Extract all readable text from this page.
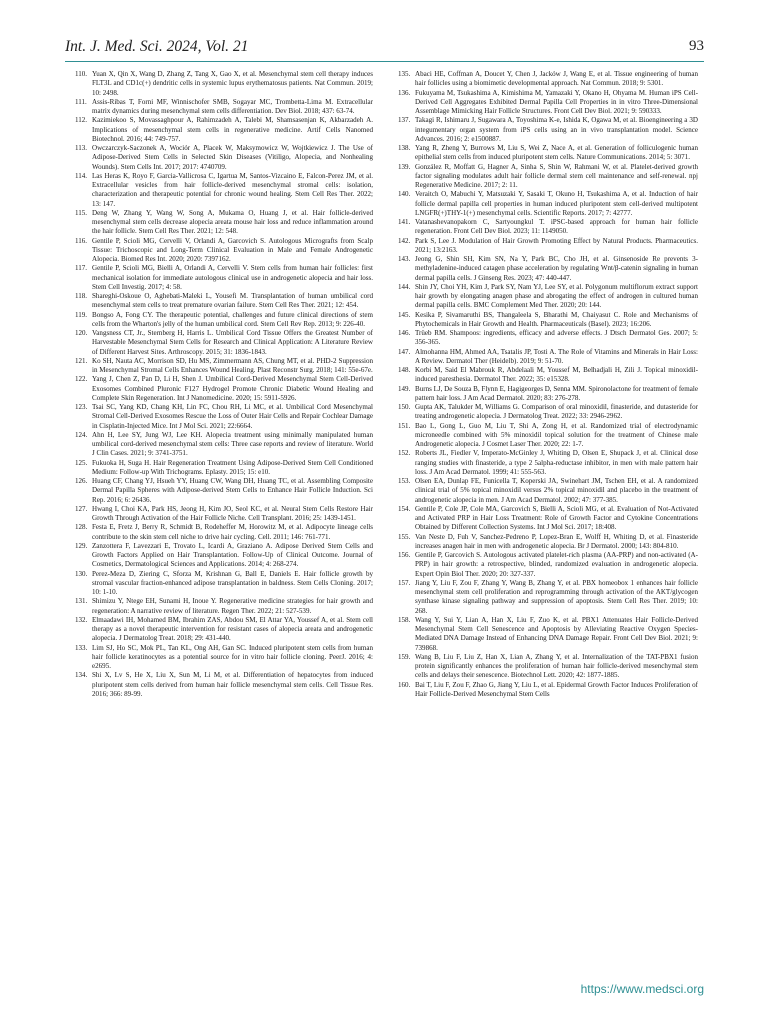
Int. J. Med. Sci. 2024, Vol. 21	93
110. Yuan X, Qin X, Wang D, Zhang Z, Tang X, Gao X, et al. Mesenchymal stem cell therapy induces FLT3L and CD1c(+) dendritic cells in systemic lupus erythematosus patients. Nat Commun. 2019; 10: 2498.
111. Assis-Ribas T, Forni MF, Winnischofer SMB, Sogayar MC, Trombetta-Lima M. Extracellular matrix dynamics during mesenchymal stem cells differentiation. Dev Biol. 2018; 437: 63-74.
112. Kazimiekoo S, Movassaghpour A, Rahimzadeh A, Talebi M, Shamsasenjan K, Akbarzadeh A. Implications of mesenchymal stem cells in regenerative medicine. Artif Cells Nanomed Biotechnol. 2016; 44: 749-757.
113. Owczarczyk-Saczonek A, Wociór A, Placek W, Maksymowicz W, Wojtkiewicz J. The Use of Adipose-Derived Stem Cells in Selected Skin Diseases (Vitiligo, Alopecia, and Nonhealing Wounds). Stem Cells Int. 2017; 2017: 4740709.
114. Las Heras K, Royo F, Garcia-Vallicrosa C, Igartua M, Santos-Vizcaino E, Falcon-Perez JM, et al. Extracellular vesicles from hair follicle-derived mesenchymal stromal cells: isolation, characterization and therapeutic potential for chronic wound healing. Stem Cell Res Ther. 2022; 13: 147.
115. Deng W, Zhang Y, Wang W, Song A, Mukama O, Huang J, et al. Hair follicle-derived mesenchymal stem cells decrease alopecia areata mouse hair loss and reduce inflammation around the hair follicle. Stem Cell Res Ther. 2021; 12: 548.
116. Gentile P, Scioli MG, Cervelli V, Orlandi A, Garcovich S. Autologous Micrografts from Scalp Tissue: Trichoscopic and Long-Term Clinical Evaluation in Male and Female Androgenetic Alopecia. Biomed Res Int. 2020; 2020: 7397162.
117. Gentile P, Scioli MG, Bielli A, Orlandi A, Cervelli V. Stem cells from human hair follicles: first mechanical isolation for immediate autologous clinical use in androgenetic alopecia and hair loss. Stem Cell Investig. 2017; 4: 58.
118. Shareghi-Oskoue O, Aghebati-Maleki L, Yousefi M. Transplantation of human umbilical cord mesenchymal stem cells to treat premature ovarian failure. Stem Cell Res Ther. 2021; 12: 454.
119. Bongso A, Fong CY. The therapeutic potential, challenges and future clinical directions of stem cells from the Wharton's jelly of the human umbilical cord. Stem Cell Rev Rep. 2013; 9: 226-40.
120. Vangsness CT, Jr., Sternberg H, Harris L. Umbilical Cord Tissue Offers the Greatest Number of Harvestable Mesenchymal Stem Cells for Research and Clinical Application: A Literature Review of Different Harvest Sites. Arthroscopy. 2015; 31: 1836-1843.
121. Ko SH, Nauta AC, Morrison SD, Hu MS, Zimmermann AS, Chung MT, et al. PHD-2 Suppression in Mesenchymal Stromal Cells Enhances Wound Healing. Plast Reconstr Surg. 2018; 141: 55e-67e.
122. Yang J, Chen Z, Pan D, Li H, Shen J. Umbilical Cord-Derived Mesenchymal Stem Cell-Derived Exosomes Combined Pluronic F127 Hydrogel Promote Chronic Diabetic Wound Healing and Complete Skin Regeneration. Int J Nanomedicine. 2020; 15: 5911-5926.
123. Tsai SC, Yang KD, Chang KH, Lin FC, Chou RH, Li MC, et al. Umbilical Cord Mesenchymal Stromal Cell-Derived Exosomes Rescue the Loss of Outer Hair Cells and Repair Cochlear Damage in Cisplatin-Injected Mice. Int J Mol Sci. 2021; 22:6664.
124. Ahn H, Lee SY, Jung WJ, Lee KH. Alopecia treatment using minimally manipulated human umbilical cord-derived mesenchymal stem cells: Three case reports and review of literature. World J Clin Cases. 2021; 9: 3741-3751.
125. Fukuoka H, Suga H. Hair Regeneration Treatment Using Adipose-Derived Stem Cell Conditioned Medium: Follow-up With Trichograms. Eplasty. 2015; 15: e10.
126. Huang CF, Chang YJ, Hsueh YY, Huang CW, Wang DH, Huang TC, et al. Assembling Composite Dermal Papilla Spheres with Adipose-derived Stem Cells to Enhance Hair Follicle Induction. Sci Rep. 2016; 6: 26436.
127. Hwang I, Choi KA, Park HS, Jeong H, Kim JO, Seol KC, et al. Neural Stem Cells Restore Hair Growth Through Activation of the Hair Follicle Niche. Cell Transplant. 2016; 25: 1439-1451.
128. Festa E, Fretz J, Berry R, Schmidt B, Rodeheffer M, Horowitz M, et al. Adipocyte lineage cells contribute to the skin stem cell niche to drive hair cycling. Cell. 2011; 146: 761-771.
129. Zanzottera F, Lavezzari E, Trovato L, Icardi A, Graziano A. Adipose Derived Stem Cells and Growth Factors Applied on Hair Transplantation. Follow-Up of Clinical Outcome. Journal of Cosmetics, Dermatological Sciences and Applications. 2014; 4: 268-274.
130. Perez-Meza D, Ziering C, Sforza M, Krishnan G, Ball E, Daniels E. Hair follicle growth by stromal vascular fraction-enhanced adipose transplantation in baldness. Stem Cells Cloning. 2017; 10: 1-10.
131. Shimizu Y, Ntege EH, Sunami H, Inoue Y. Regenerative medicine strategies for hair growth and regeneration: A narrative review of literature. Regen Ther. 2022; 21: 527-539.
132. Elmaadawi IH, Mohamed BM, Ibrahim ZAS, Abdou SM, El Attar YA, Youssef A, et al. Stem cell therapy as a novel therapeutic intervention for resistant cases of alopecia areata and androgenetic alopecia. J Dermatolog Treat. 2018; 29: 431-440.
133. Lim SJ, Ho SC, Mok PL, Tan KL, Ong AH, Gan SC. Induced pluripotent stem cells from human hair follicle keratinocytes as a potential source for in vitro hair follicle cloning. PeerJ. 2016; 4: e2695.
134. Shi X, Lv S, He X, Liu X, Sun M, Li M, et al. Differentiation of hepatocytes from induced pluripotent stem cells derived from human hair follicle mesenchymal stem cells. Cell Tissue Res. 2016; 366: 89-99.
135. Abaci HE, Coffman A, Doucet Y, Chen J, Jacków J, Wang E, et al. Tissue engineering of human hair follicles using a biomimetic developmental approach. Nat Commun. 2018; 9: 5301.
136. Fukuyama M, Tsukashima A, Kimishima M, Yamazaki Y, Okano H, Ohyama M. Human iPS Cell-Derived Cell Aggregates Exhibited Dermal Papilla Cell Properties in in vitro Three-Dimensional Assemblage Mimicking Hair Follicle Structures. Front Cell Dev Biol. 2021; 9: 590333.
137. Takagi R, Ishimaru J, Sugawara A, Toyoshima K-e, Ishida K, Ogawa M, et al. Bioengineering a 3D integumentary organ system from iPS cells using an in vivo transplantation model. Science Advances. 2016; 2: e1500887.
138. Yang R, Zheng Y, Burrows M, Liu S, Wei Z, Nace A, et al. Generation of folliculogenic human epithelial stem cells from induced pluripotent stem cells. Nature Communications. 2014; 5: 3071.
139. González R, Moffatt G, Hagner A, Sinha S, Shin W, Rahmani W, et al. Platelet-derived growth factor signaling modulates adult hair follicle dermal stem cell maintenance and self-renewal. npj Regenerative Medicine. 2017; 2: 11.
140. Veraitch O, Mabuchi Y, Matsuzaki Y, Sasaki T, Okuno H, Tsukashima A, et al. Induction of hair follicle dermal papilla cell properties in human induced pluripotent stem cell-derived multipotent LNGFR(+)THY-1(+) mesenchymal cells. Scientific Reports. 2017; 7: 42777.
141. Vatanashevanopakorn C, Sartyoungkul T. iPSC-based approach for human hair follicle regeneration. Front Cell Dev Biol. 2023; 11: 1149050.
142. Park S, Lee J. Modulation of Hair Growth Promoting Effect by Natural Products. Pharmaceutics. 2021; 13:2163.
143. Jeong G, Shin SH, Kim SN, Na Y, Park BC, Cho JH, et al. Ginsenoside Re prevents 3-methyladenine-induced catagen phase acceleration by regulating Wnt/β-catenin signaling in human dermal papilla cells. J Ginseng Res. 2023; 47: 440-447.
144. Shin JY, Choi YH, Kim J, Park SY, Nam YJ, Lee SY, et al. Polygonum multiflorum extract support hair growth by elongating anagen phase and abrogating the effect of androgen in cultured human dermal papilla cells. BMC Complement Med Ther. 2020; 20: 144.
145. Kesika P, Sivamaruthi BS, Thangaleela S, Bharathi M, Chaiyasut C. Role and Mechanisms of Phytochemicals in Hair Growth and Health. Pharmaceuticals (Basel). 2023; 16:206.
146. Trüeb RM. Shampoos: ingredients, efficacy and adverse effects. J Dtsch Dermatol Ges. 2007; 5: 356-365.
147. Almohanna HM, Ahmed AA, Tsatalis JP, Tosti A. The Role of Vitamins and Minerals in Hair Loss: A Review. Dermatol Ther (Heidelb). 2019; 9: 51-70.
148. Korbi M, Said El Mabrouk R, Abdelaali M, Youssef M, Belhadjali H, Zili J. Topical minoxidil-induced paresthesia. Dermatol Ther. 2022; 35: e15328.
149. Burns LJ, De Souza B, Flynn E, Hagigeorges D, Senna MM. Spironolactone for treatment of female pattern hair loss. J Am Acad Dermatol. 2020; 83: 276-278.
150. Gupta AK, Talukder M, Williams G. Comparison of oral minoxidil, finasteride, and dutasteride for treating androgenetic alopecia. J Dermatolog Treat. 2022; 33: 2946-2962.
151. Bao L, Gong L, Guo M, Liu T, Shi A, Zong H, et al. Randomized trial of electrodynamic microneedle combined with 5% minoxidil topical solution for the treatment of Chinese male Androgenetic alopecia. J Cosmet Laser Ther. 2020; 22: 1-7.
152. Roberts JL, Fiedler V, Imperato-McGinley J, Whiting D, Olsen E, Shupack J, et al. Clinical dose ranging studies with finasteride, a type 2 5alpha-reductase inhibitor, in men with male pattern hair loss. J Am Acad Dermatol. 1999; 41: 555-563.
153. Olsen EA, Dunlap FE, Funicella T, Koperski JA, Swinehart JM, Tschen EH, et al. A randomized clinical trial of 5% topical minoxidil versus 2% topical minoxidil and placebo in the treatment of androgenetic alopecia in men. J Am Acad Dermatol. 2002; 47: 377-385.
154. Gentile P, Cole JP, Cole MA, Garcovich S, Bielli A, Scioli MG, et al. Evaluation of Not-Activated and Activated PRP in Hair Loss Treatment: Role of Growth Factor and Cytokine Concentrations Obtained by Different Collection Systems. Int J Mol Sci. 2017; 18:408.
155. Van Neste D, Fuh V, Sanchez-Pedreno P, Lopez-Bran E, Wolff H, Whiting D, et al. Finasteride increases anagen hair in men with androgenetic alopecia. Br J Dermatol. 2000; 143: 804-810.
156. Gentile P, Garcovich S. Autologous activated platelet-rich plasma (AA-PRP) and non-activated (A-PRP) in hair growth: a retrospective, blinded, randomized evaluation in androgenetic alopecia. Expert Opin Biol Ther. 2020; 20: 327-337.
157. Jiang Y, Liu F, Zou F, Zhang Y, Wang B, Zhang Y, et al. PBX homeobox 1 enhances hair follicle mesenchymal stem cell proliferation and reprogramming through activation of the AKT/glycogen synthase kinase signaling pathway and suppression of apoptosis. Stem Cell Res Ther. 2019; 10: 268.
158. Wang Y, Sui Y, Lian A, Han X, Liu F, Zuo K, et al. PBX1 Attenuates Hair Follicle-Derived Mesenchymal Stem Cell Senescence and Apoptosis by Alleviating Reactive Oxygen Species-Mediated DNA Damage Instead of Enhancing DNA Damage Repair. Front Cell Dev Biol. 2021; 9: 739868.
159. Wang B, Liu F, Liu Z, Han X, Lian A, Zhang Y, et al. Internalization of the TAT-PBX1 fusion protein significantly enhances the proliferation of human hair follicle-derived mesenchymal stem cells and delays their senescence. Biotechnol Lett. 2020; 42: 1877-1885.
160. Bai T, Liu F, Zou F, Zhao G, Jiang Y, Liu L, et al. Epidermal Growth Factor Induces Proliferation of Hair Follicle-Derived Mesenchymal Stem Cells
https://www.medsci.org
